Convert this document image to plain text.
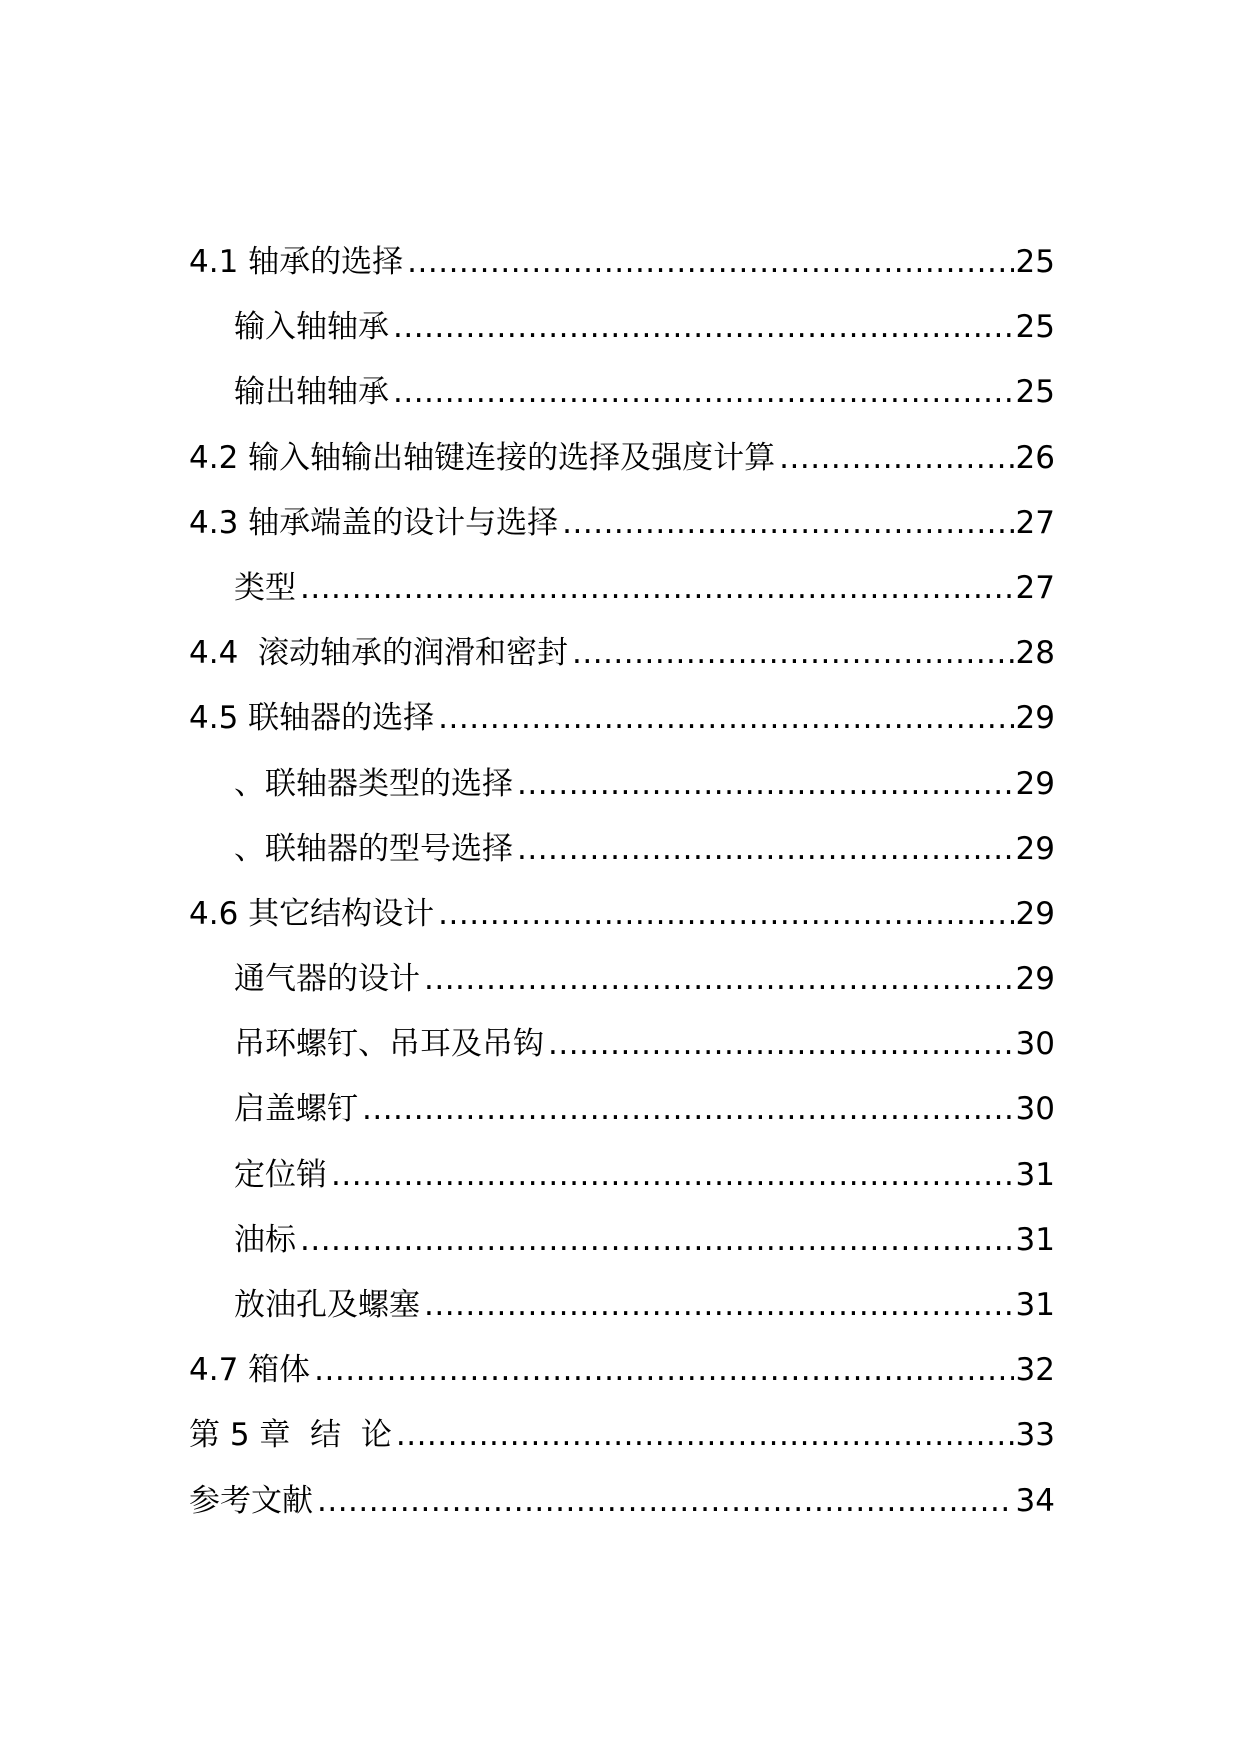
4.1 轴承的选择 .....	25
输入轴轴承 .....	25
输出轴轴承 .....	25
4.2 输入轴输出轴键连接的选择及强度计算 .....	26
4.3 轴承端盖的设计与选择 .....	27
类型 .....	27
4.4  滚动轴承的润滑和密封 .....	28
4.5 联轴器的选择 .....	29
、联轴器类型的选择 .....	29
、联轴器的型号选择 .....	29
4.6 其它结构设计 .....	29
通气器的设计 .....	29
吊环螺钉、吊耳及吊钩 .....	30
启盖螺钉 .....	30
定位销 .....	31
油标 .....	31
放油孔及螺塞 .....	31
4.7 箱体 .....	32
第 5 章  结  论 .....	33
参考文献 .....	34
